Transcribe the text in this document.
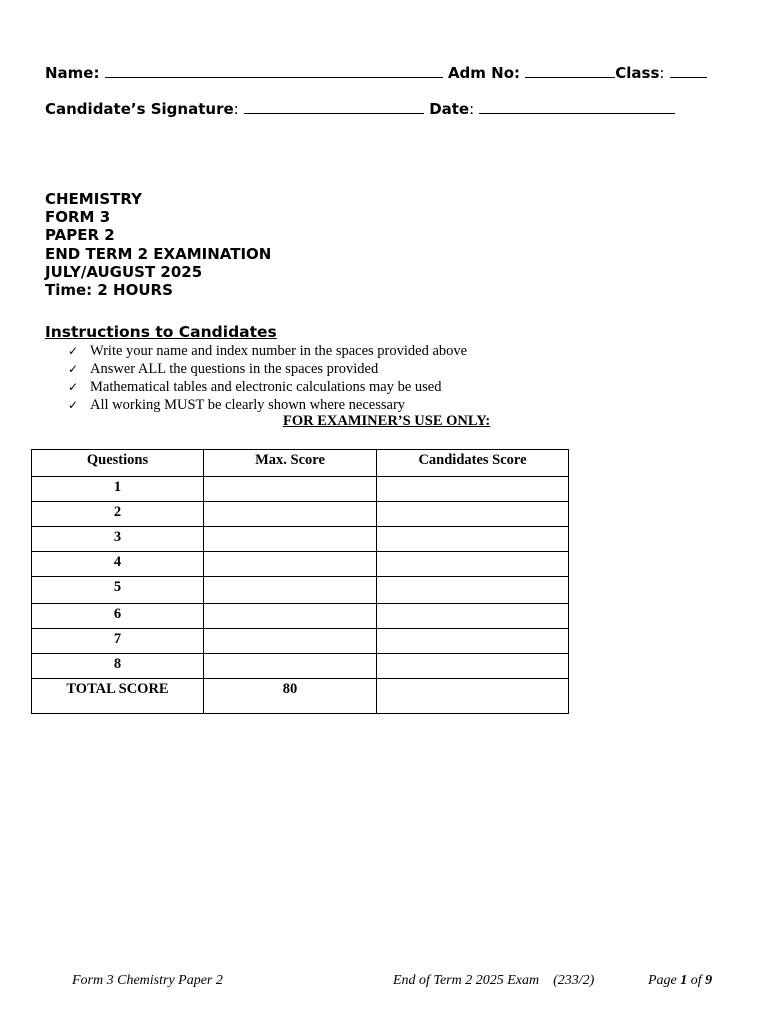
Name:	Adm No:	Class:
Candidate’s Signature:	Date:
CHEMISTRY
FORM 3
PAPER 2
END TERM 2 EXAMINATION
JULY/AUGUST 2025
Time: 2 HOURS
Instructions to Candidates
✓ Write your name and index number in the spaces provided above
✓ Answer ALL the questions in the spaces provided
✓ Mathematical tables and electronic calculations may be used
✓ All working MUST be clearly shown where necessary
FOR EXAMINER’S USE ONLY:
Questions	Max. Score	Candidates Score
1		
2		
3		
4		
5		
6		
7		
8		
TOTAL SCORE	80	
Form 3 Chemistry Paper 2	End of Term 2 2025 Exam (233/2)	Page 1 of 9
